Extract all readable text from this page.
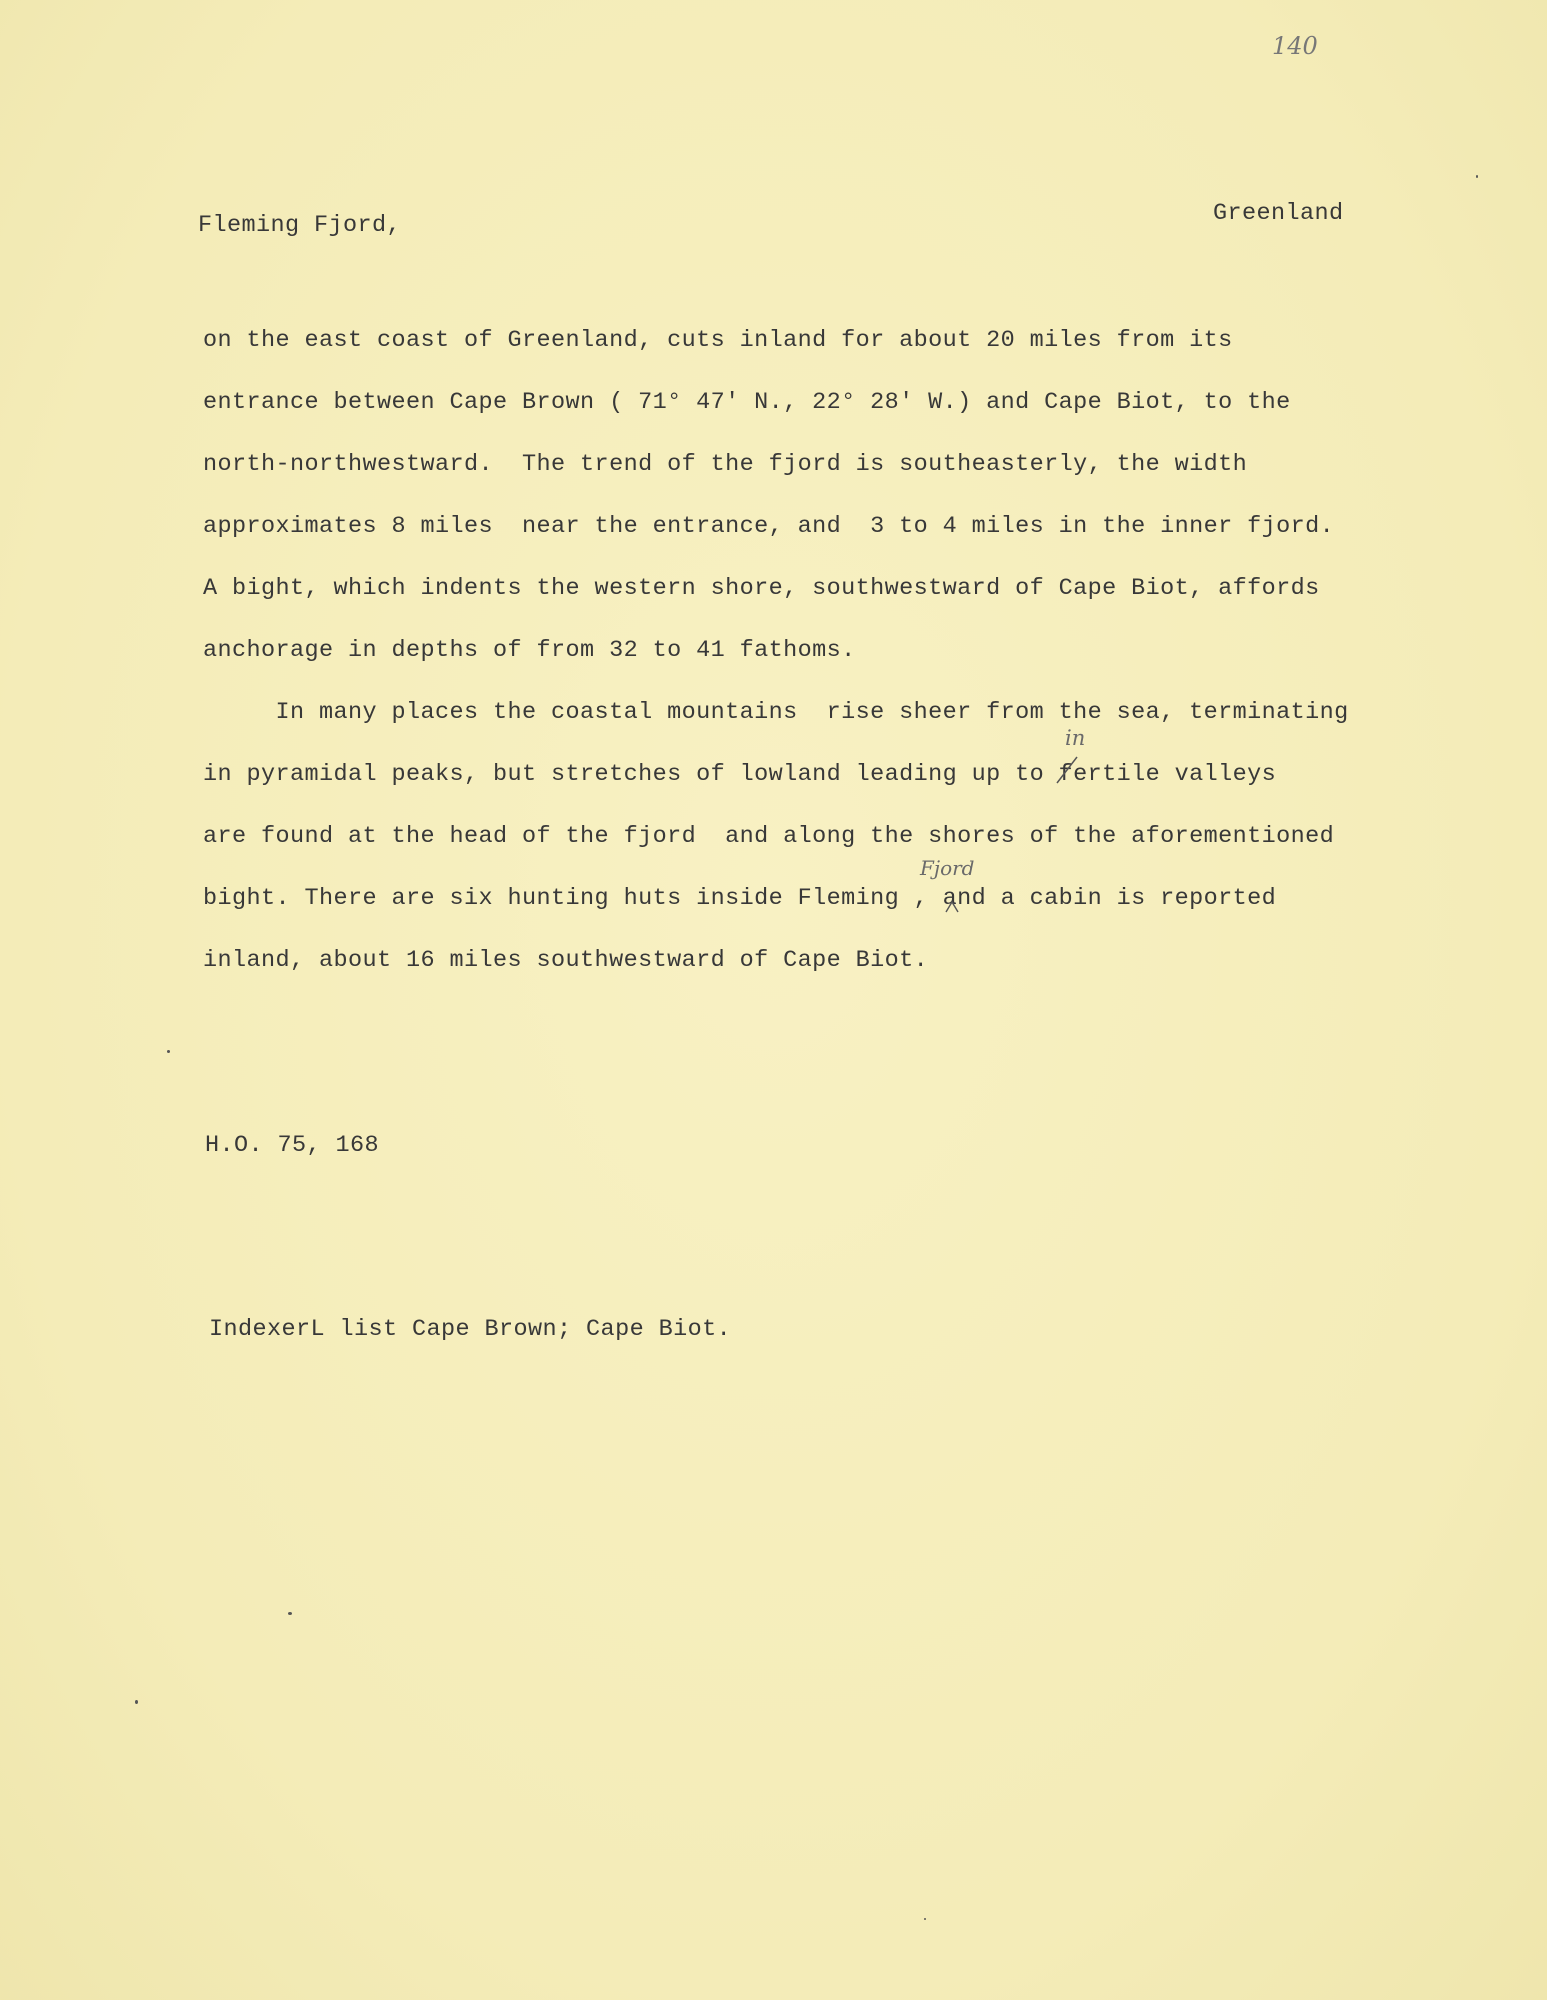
140
Fleming Fjord,	Greenland
on the east coast of Greenland, cuts inland for about 20 miles from its
entrance between Cape Brown ( 71° 47' N., 22° 28' W.) and Cape Biot, to the
north-northwestward.  The trend of the fjord is southeasterly, the width
approximates 8 miles  near the entrance, and  3 to 4 miles in the inner fjord.
A bight, which indents the western shore, southwestward of Cape Biot, affords
anchorage in depths of from 32 to 41 fathoms.
In many places the coastal mountains  rise sheer from the sea, terminating
in
in pyramidal peaks, but stretches of lowland leading up to fertile valleys
are found at the head of the fjord  and along the shores of the aforementioned
Fjord
bight. There are six hunting huts inside Fleming , and a cabin is reported
inland, about 16 miles southwestward of Cape Biot.
H.O. 75, 168
IndexerL list Cape Brown; Cape Biot.
